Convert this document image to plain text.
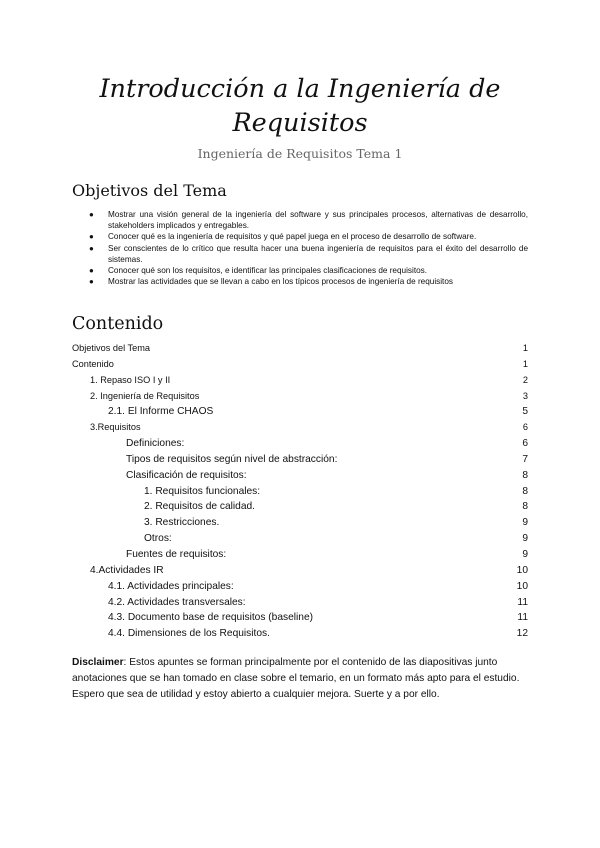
Introducción a la Ingeniería de
Requisitos
Ingeniería de Requisitos Tema 1
Objetivos del Tema
● Mostrar una visión general de la ingeniería del software y sus principales procesos, alternativas de desarrollo, stakeholders implicados y entregables.
● Conocer qué es la ingeniería de requisitos y qué papel juega en el proceso de desarrollo de software.
● Ser conscientes de lo crítico que resulta hacer una buena ingeniería de requisitos para el éxito del desarrollo de sistemas.
● Conocer qué son los requisitos, e identificar las principales clasificaciones de requisitos.
● Mostrar las actividades que se llevan a cabo en los típicos procesos de ingeniería de requisitos
Contenido
Objetivos del Tema	1
Contenido	1
1. Repaso ISO I y II	2
2. Ingeniería de Requisitos	3
2.1. El Informe CHAOS	5
3.Requisitos	6
Definiciones:	6
Tipos de requisitos según nivel de abstracción:	7
Clasificación de requisitos:	8
1. Requisitos funcionales:	8
2. Requisitos de calidad.	8
3. Restricciones.	9
Otros:	9
Fuentes de requisitos:	9
4.Actividades IR	10
4.1. Actividades principales:	10
4.2. Actividades transversales:	11
4.3. Documento base de requisitos (baseline)	11
4.4. Dimensiones de los Requisitos.	12

Disclaimer: Estos apuntes se forman principalmente por el contenido de las diapositivas junto anotaciones que se han tomado en clase sobre el temario, en un formato más apto para el estudio. Espero que sea de utilidad y estoy abierto a cualquier mejora. Suerte y a por ello.
